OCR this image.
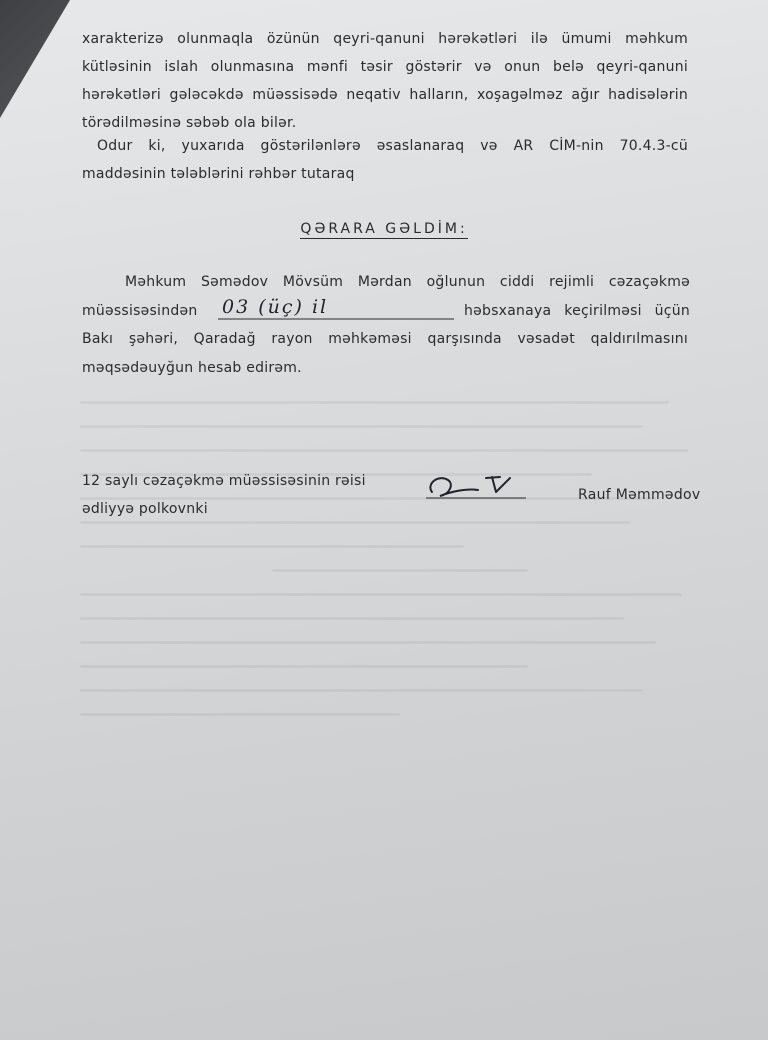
xarakterizə olunmaqla özünün qeyri-qanuni hərəkətləri ilə ümumi məhkum
kütləsinin islah olunmasına mənfi təsir göstərir və onun belə qeyri-qanuni
hərəkətləri gələcəkdə müəssisədə neqativ halların, xoşagəlməz ağır hadisələrin
törədilməsinə səbəb ola bilər.
Odur ki, yuxarıda göstərilənlərə əsaslanaraq və AR CİM-nin 70.4.3-cü
maddəsinin tələblərini rəhbər tutaraq
QƏRARA GƏLDİM:
Məhkum Səmədov Mövsüm Mərdan oğlunun ciddi rejimli cəzaçəkmə
müəssisəsindən	03 (üç) il	həbsxanaya keçirilməsi üçün
Bakı şəhəri, Qaradağ rayon məhkəməsi qarşısında vəsadət qaldırılmasını
məqsədəuyğun hesab edirəm.
12 saylı cəzaçəkmə müəssisəsinin rəisi
ədliyyə polkovnki
Rauf Məmmədov
